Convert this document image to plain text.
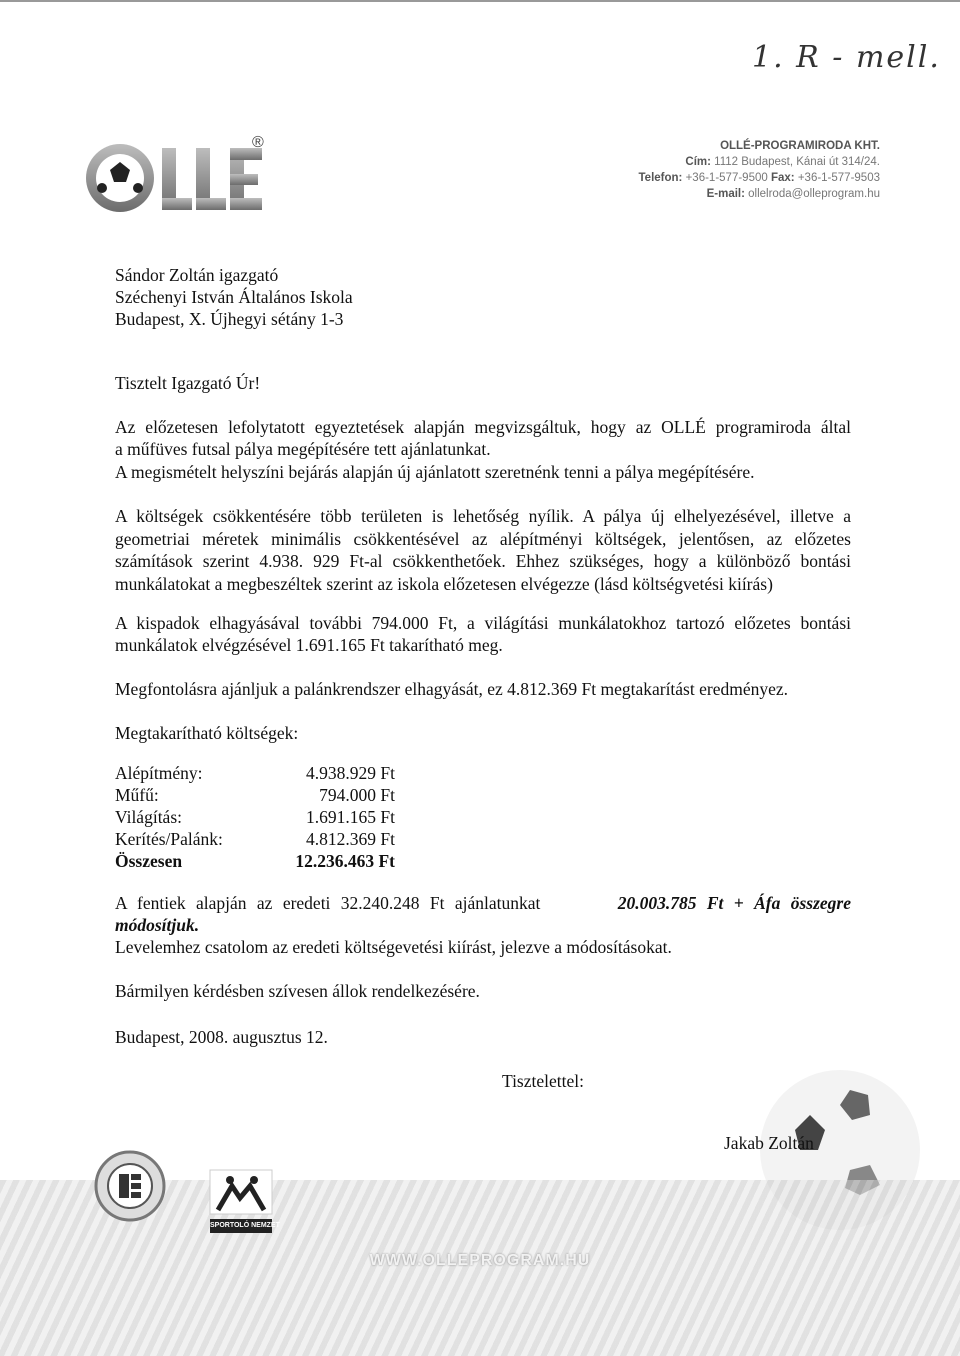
1. R - mell.
®	OLLÉ-PROGRAMIRODA KHT.
Cím: 1112 Budapest, Kánai út 314/24.
Telefon: +36-1-577-9500 Fax: +36-1-577-9503
E-mail: ollelroda@olleprogram.hu
Sándor Zoltán igazgató
Széchenyi István Általános Iskola
Budapest, X. Újhegyi sétány 1-3
Tisztelt Igazgató Úr!
Az előzetesen lefolytatott egyeztetések alapján megvizsgáltuk, hogy az OLLÉ programiroda által
a műfüves futsal pálya megépítésére tett ajánlatunkat.
A megismételt helyszíni bejárás alapján új ajánlatott szeretnénk tenni a pálya megépítésére.
A költségek csökkentésére több területen is lehetőség nyílik. A pálya új elhelyezésével, illetve a
geometriai méretek minimális csökkentésével az alépítményi költségek, jelentősen, az előzetes
számítások szerint 4.938. 929 Ft-al csökkenthetőek. Ehhez szükséges, hogy a különböző bontási
munkálatokat a megbeszéltek szerint az iskola előzetesen elvégezze (lásd költségvetési kiírás)
A kispadok elhagyásával további 794.000 Ft, a világítási munkálatokhoz tartozó előzetes bontási
munkálatok elvégzésével 1.691.165 Ft takarítható meg.
Megfontolásra ajánljuk a palánkrendszer elhagyását, ez 4.812.369 Ft megtakarítást eredményez.
Megtakarítható költségek:
Alépítmény:	4.938.929 Ft
Műfű:	794.000 Ft
Világítás:	1.691.165 Ft
Kerítés/Palánk:	4.812.369 Ft
Összesen	12.236.463 Ft
A fentiek alapján az eredeti 32.240.248 Ft ajánlatunkat	20.003.785 Ft + Áfa összegre
módosítjuk.
Levelemhez csatolom az eredeti költségevetési kiírást, jelezve a módosításokat.
Bármilyen kérdésben szívesen állok rendelkezésére.
Budapest, 2008. augusztus 12.
Tisztelettel:
Jakab Zoltán
SPORTOLÓ NEMZET
WWW.OLLEPROGRAM.HU
